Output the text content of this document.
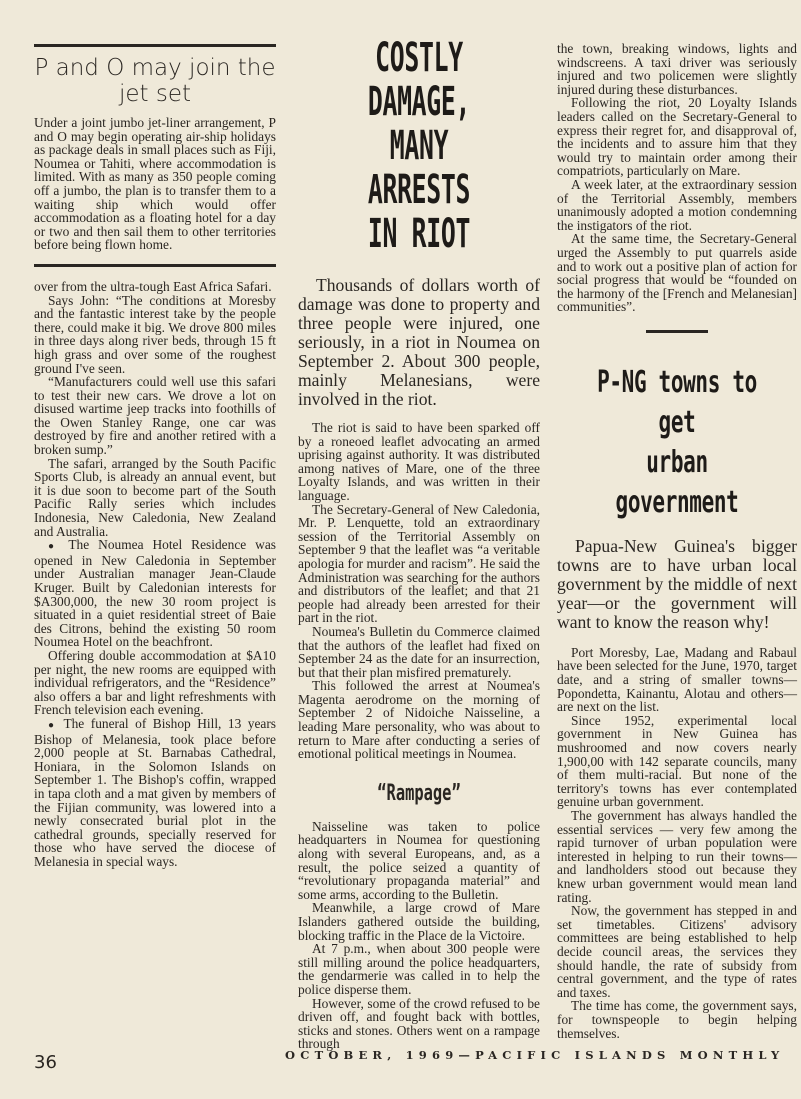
P and O may join the jet set

Under a joint jumbo jet-liner arrangement, P and O may begin operating air-ship holidays as package deals in small places such as Fiji, Noumea or Tahiti, where accommodation is limited. With as many as 350 people coming off a jumbo, the plan is to transfer them to a waiting ship which would offer accommodation as a floating hotel for a day or two and then sail them to other territories before being flown home.

over from the ultra-tough East Africa Safari.

Says John: “The conditions at Moresby and the fantastic interest take by the people there, could make it big. We drove 800 miles in three days along river beds, through 15 ft high grass and over some of the roughest ground I've seen.

“Manufacturers could well use this safari to test their new cars. We drove a lot on disused wartime jeep tracks into foothills of the Owen Stanley Range, one car was destroyed by fire and another retired with a broken sump.”

The safari, arranged by the South Pacific Sports Club, is already an annual event, but it is due soon to become part of the South Pacific Rally series which includes Indonesia, New Caledonia, New Zealand and Australia.

● The Noumea Hotel Residence was opened in New Caledonia in September under Australian manager Jean-Claude Kruger. Built by Caledonian interests for $A300,000, the new 30 room project is situated in a quiet residential street of Baie des Citrons, behind the existing 50 room Noumea Hotel on the beachfront.

Offering double accommodation at $A10 per night, the new rooms are equipped with individual refrigerators, and the “Residence” also offers a bar and light refreshments with French television each evening.

● The funeral of Bishop Hill, 13 years Bishop of Melanesia, took place before 2,000 people at St. Barnabas Cathedral, Honiara, in the Solomon Islands on September 1. The Bishop's coffin, wrapped in tapa cloth and a mat given by members of the Fijian community, was lowered into a newly consecrated burial plot in the cathedral grounds, specially reserved for those who have served the diocese of Melanesia in special ways.

COSTLY DAMAGE,
MANY ARRESTS
IN RIOT

Thousands of dollars worth of damage was done to property and three people were injured, one seriously, in a riot in Noumea on September 2. About 300 people, mainly Melanesians, were involved in the riot.

The riot is said to have been sparked off by a roneoed leaflet advocating an armed uprising against authority. It was distributed among natives of Mare, one of the three Loyalty Islands, and was written in their language.

The Secretary-General of New Caledonia, Mr. P. Lenquette, told an extraordinary session of the Territorial Assembly on September 9 that the leaflet was “a veritable apologia for murder and racism”. He said the Administration was searching for the authors and distributors of the leaflet; and that 21 people had already been arrested for their part in the riot.

Noumea's Bulletin du Commerce claimed that the authors of the leaflet had fixed on September 24 as the date for an insurrection, but that their plan misfired prematurely.

This followed the arrest at Noumea's Magenta aerodrome on the morning of September 2 of Nidoiche Naisseline, a leading Mare personality, who was about to return to Mare after conducting a series of emotional political meetings in Noumea.

“Rampage”

Naisseline was taken to police headquarters in Noumea for questioning along with several Europeans, and, as a result, the police seized a quantity of “revolutionary propaganda material” and some arms, according to the Bulletin.

Meanwhile, a large crowd of Mare Islanders gathered outside the building, blocking traffic in the Place de la Victoire.

At 7 p.m., when about 300 people were still milling around the police headquarters, the gendarmerie was called in to help the police disperse them.

However, some of the crowd refused to be driven off, and fought back with bottles, sticks and stones. Others went on a rampage through

the town, breaking windows, lights and windscreens. A taxi driver was seriously injured and two policemen were slightly injured during these disturbances.

Following the riot, 20 Loyalty Islands leaders called on the Secretary-General to express their regret for, and disapproval of, the incidents and to assure him that they would try to maintain order among their compatriots, particularly on Mare.

A week later, at the extraordinary session of the Territorial Assembly, members unanimously adopted a motion condemning the instigators of the riot.

At the same time, the Secretary-General urged the Assembly to put quarrels aside and to work out a positive plan of action for social progress that would be “founded on the harmony of the [French and Melanesian] communities”.

P-NG towns to get
urban government

Papua-New Guinea's bigger towns are to have urban local government by the middle of next year—or the government will want to know the reason why!

Port Moresby, Lae, Madang and Rabaul have been selected for the June, 1970, target date, and a string of smaller towns—Popondetta, Kainantu, Alotau and others—are next on the list.

Since 1952, experimental local government in New Guinea has mushroomed and now covers nearly 1,900,00 with 142 separate councils, many of them multi-racial. But none of the territory's towns has ever contemplated genuine urban government.

The government has always handled the essential services — very few among the rapid turnover of urban population were interested in helping to run their towns—and landholders stood out because they knew urban government would mean land rating.

Now, the government has stepped in and set timetables. Citizens' advisory committees are being established to help decide council areas, the services they should handle, the rate of subsidy from central government, and the type of rates and taxes.

The time has come, the government says, for townspeople to begin helping themselves.

36	OCTOBER, 1969—PACIFIC ISLANDS MONTHLY
